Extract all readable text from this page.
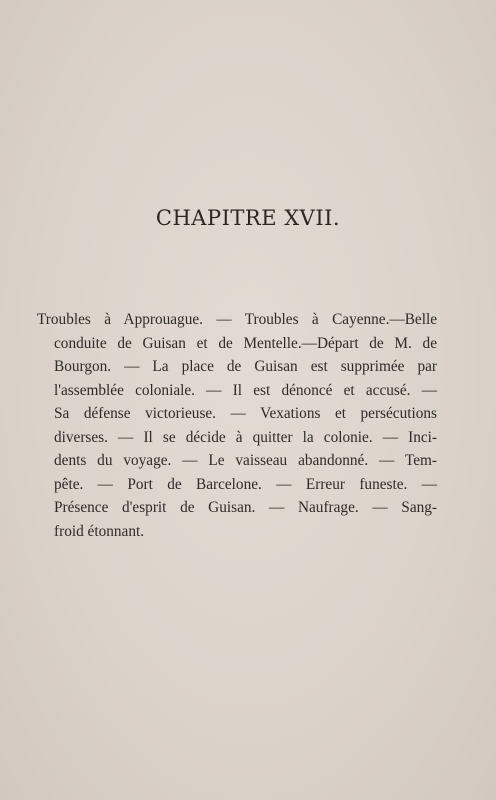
CHAPITRE XVII.
Troubles à Approuague. — Troubles à Cayenne.—Belle
conduite de Guisan et de Mentelle.—Départ de M. de
Bourgon. — La place de Guisan est supprimée par
l'assemblée coloniale. — Il est dénoncé et accusé. —
Sa défense victorieuse. — Vexations et persécutions
diverses. — Il se décide à quitter la colonie. — Inci-
dents du voyage. — Le vaisseau abandonné. — Tem-
pête. — Port de Barcelone. — Erreur funeste. —
Présence d'esprit de Guisan. — Naufrage. — Sang-
froid étonnant.
